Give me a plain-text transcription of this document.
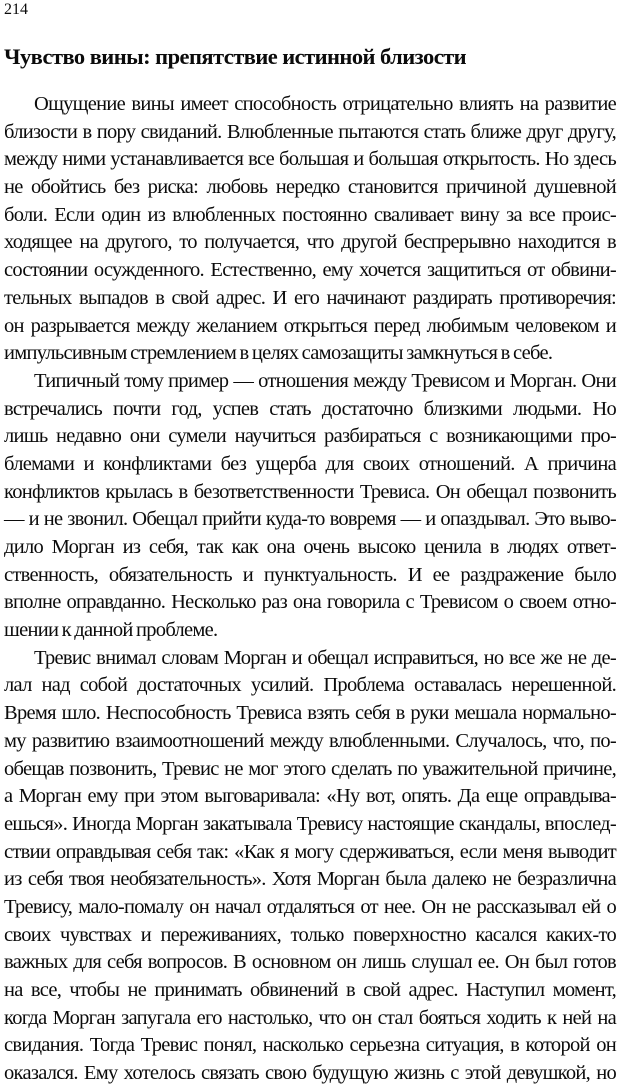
214
Чувство вины: препятствие истинной близости
Ощущение вины имеет способность отрицательно влиять на развитие
близости в пору свиданий. Влюбленные пытаются стать ближе друг другу,
между ними устанавливается все большая и большая открытость. Но здесь
не обойтись без риска: любовь нередко становится причиной душевной
боли. Если один из влюбленных постоянно сваливает вину за все проис-
ходящее на другого, то получается, что другой беспрерывно находится в
состоянии осужденного. Естественно, ему хочется защититься от обвини-
тельных выпадов в свой адрес. И его начинают раздирать противоречия:
он разрывается между желанием открыться перед любимым человеком и
импульсивным стремлением в целях самозащиты замкнуться в себе.
Типичный тому пример — отношения между Тревисом и Морган. Они
встречались почти год, успев стать достаточно близкими людьми. Но
лишь недавно они сумели научиться разбираться с возникающими про-
блемами и конфликтами без ущерба для своих отношений. А причина
конфликтов крылась в безответственности Тревиса. Он обещал позвонить
— и не звонил. Обещал прийти куда-то вовремя — и опаздывал. Это выво-
дило Морган из себя, так как она очень высоко ценила в людях ответ-
ственность, обязательность и пунктуальность. И ее раздражение было
вполне оправданно. Несколько раз она говорила с Тревисом о своем отно-
шении к данной проблеме.
Тревис внимал словам Морган и обещал исправиться, но все же не де-
лал над собой достаточных усилий. Проблема оставалась нерешенной.
Время шло. Неспособность Тревиса взять себя в руки мешала нормально-
му развитию взаимоотношений между влюбленными. Случалось, что, по-
обещав позвонить, Тревис не мог этого сделать по уважительной причине,
а Морган ему при этом выговаривала: «Ну вот, опять. Да еще оправдыва-
ешься». Иногда Морган закатывала Тревису настоящие скандалы, впослед-
ствии оправдывая себя так: «Как я могу сдерживаться, если меня выводит
из себя твоя необязательность». Хотя Морган была далеко не безразлична
Тревису, мало-помалу он начал отдаляться от нее. Он не рассказывал ей о
своих чувствах и переживаниях, только поверхностно касался каких-то
важных для себя вопросов. В основном он лишь слушал ее. Он был готов
на все, чтобы не принимать обвинений в свой адрес. Наступил момент,
когда Морган запугала его настолько, что он стал бояться ходить к ней на
свидания. Тогда Тревис понял, насколько серьезна ситуация, в которой он
оказался. Ему хотелось связать свою будущую жизнь с этой девушкой, но
